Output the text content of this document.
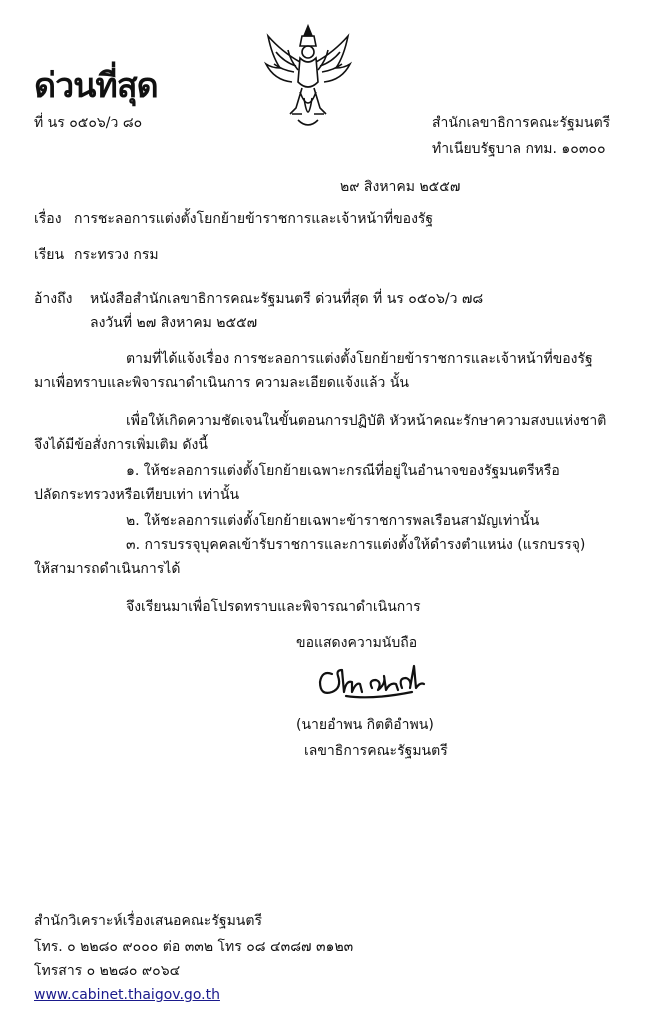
ด่วนที่สุด
ที่ นร ๐๕๐๖/ว ๘๐	สำนักเลขาธิการคณะรัฐมนตรี
ทำเนียบรัฐบาล กทม. ๑๐๓๐๐
๒๙ สิงหาคม ๒๕๕๗
เรื่อง การชะลอการแต่งตั้งโยกย้ายข้าราชการและเจ้าหน้าที่ของรัฐ
เรียน กระทรวง กรม
อ้างถึง หนังสือสำนักเลขาธิการคณะรัฐมนตรี ด่วนที่สุด ที่ นร ๐๕๐๖/ว ๗๘
ลงวันที่ ๒๗ สิงหาคม ๒๕๕๗
ตามที่ได้แจ้งเรื่อง การชะลอการแต่งตั้งโยกย้ายข้าราชการและเจ้าหน้าที่ของรัฐ
มาเพื่อทราบและพิจารณาดำเนินการ ความละเอียดแจ้งแล้ว นั้น
เพื่อให้เกิดความชัดเจนในขั้นตอนการปฏิบัติ หัวหน้าคณะรักษาความสงบแห่งชาติ
จึงได้มีข้อสั่งการเพิ่มเติม ดังนี้
๑. ให้ชะลอการแต่งตั้งโยกย้ายเฉพาะกรณีที่อยู่ในอำนาจของรัฐมนตรีหรือ
ปลัดกระทรวงหรือเทียบเท่า เท่านั้น
๒. ให้ชะลอการแต่งตั้งโยกย้ายเฉพาะข้าราชการพลเรือนสามัญเท่านั้น
๓. การบรรจุบุคคลเข้ารับราชการและการแต่งตั้งให้ดำรงตำแหน่ง (แรกบรรจุ)
ให้สามารถดำเนินการได้
จึงเรียนมาเพื่อโปรดทราบและพิจารณาดำเนินการ
ขอแสดงความนับถือ
(นายอำพน กิตติอำพน)
เลขาธิการคณะรัฐมนตรี
สำนักวิเคราะห์เรื่องเสนอคณะรัฐมนตรี
โทร. ๐ ๒๒๘๐ ๙๐๐๐ ต่อ ๓๓๒ โทร ๐๘ ๔๓๘๗ ๓๑๒๓
โทรสาร ๐ ๒๒๘๐ ๙๐๖๔
www.cabinet.thaigov.go.th
